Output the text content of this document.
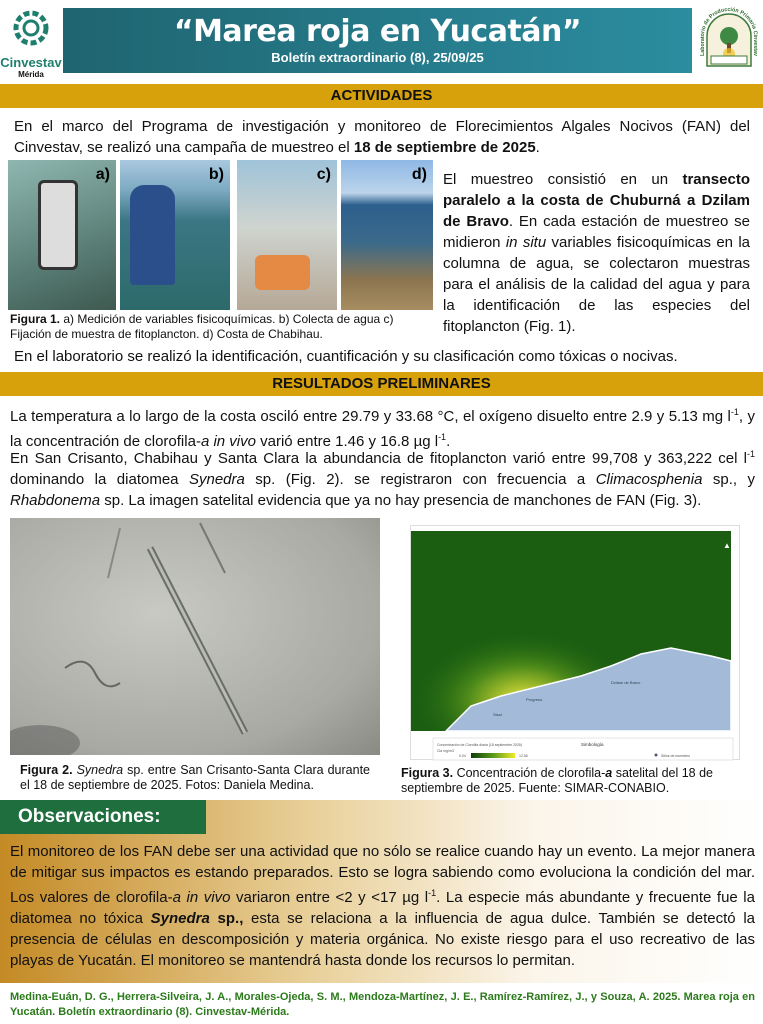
Cinvestav
Mérida
“Marea roja en Yucatán”
Boletín extraordinario (8), 25/09/25	Laboratorio de Producción Primaria Cinvestav
ACTIVIDADES
En el marco del Programa de investigación y monitoreo de Florecimientos Algales Nocivos (FAN) del Cinvestav, se realizó una campaña de muestreo el 18 de septiembre de 2025.
a)	b)	c)	d)
Figura 1. a) Medición de variables fisicoquímicas. b) Colecta de agua c) Fijación de muestra de fitoplancton. d) Costa de Chabihau.
El muestreo consistió en un transecto paralelo a la costa de Chuburná a Dzilam de Bravo. En cada estación de muestreo se midieron in situ variables fisicoquímicas en la columna de agua, se colectaron muestras para el análisis de la calidad del agua y para la identificación de las especies del fitoplancton (Fig. 1).
En el laboratorio se realizó la identificación, cuantificación y su clasificación como tóxicas o nocivas.
RESULTADOS PRELIMINARES
La temperatura a lo largo de la costa osciló entre 29.79 y 33.68 °C, el oxígeno disuelto entre 2.9 y 5.13 mg $l^{-1}$, y la concentración de clorofila-a in vivo varió entre 1.46 y 16.8 µg $l^{-1}$.
En San Crisanto, Chabihau y Santa Clara la abundancia de fitoplancton varió entre 99,708 y 363,222 cel $l^{-1}$ dominando la diatomea Synedra sp. (Fig. 2). se registraron con frecuencia a Climacosphenia sp., y Rhabdonema sp. La imagen satelital evidencia que ya no hay presencia de manchones de FAN (Fig. 3).
Figura 2. Synedra sp. entre San Crisanto-Santa Clara durante el 18 de septiembre de 2025. Fotos: Daniela Medina.
Sisal
Progreso
Dzilam de Bravo
▲
Simbología
Concentración de Clorofila diaria (18 septiembre 2025)
Cla mg/m3
0.04	12.56	Sitios de muestreo
Figura 3. Concentración de clorofila-a satelital del 18 de septiembre de 2025. Fuente: SIMAR-CONABIO.
Observaciones:
El monitoreo de los FAN debe ser una actividad que no sólo se realice cuando hay un evento. La mejor manera de mitigar sus impactos es estando preparados. Esto se logra sabiendo como evoluciona la condición del mar. Los valores de clorofila-a in vivo variaron entre <2 y <17 µg $l^{-1}$. La especie más abundante y frecuente fue la diatomea no tóxica Synedra sp., esta se relaciona a la influencia de agua dulce. También se detectó la presencia de células en descomposición y materia orgánica. No existe riesgo para el uso recreativo de las playas de Yucatán. El monitoreo se mantendrá hasta donde los recursos lo permitan.
Medina-Euán, D. G., Herrera-Silveira, J. A., Morales-Ojeda, S. M., Mendoza-Martínez, J. E., Ramírez-Ramírez, J., y Souza, A. 2025. Marea roja en Yucatán. Boletín extraordinario (8). Cinvestav-Mérida.
